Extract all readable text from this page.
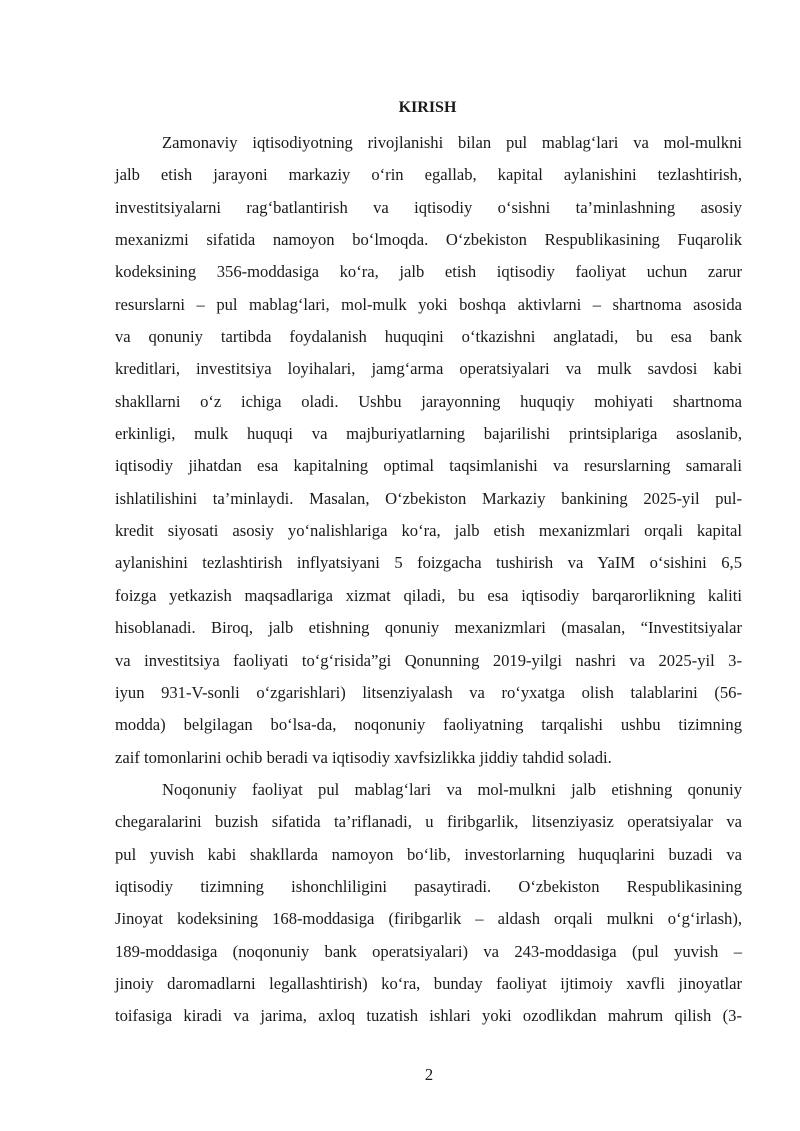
KIRISH
Zamonaviy iqtisodiyotning rivojlanishi bilan pul mablag‘lari va mol-mulkni
jalb etish jarayoni markaziy o‘rin egallab, kapital aylanishini tezlashtirish,
investitsiyalarni rag‘batlantirish va iqtisodiy o‘sishni ta’minlashning asosiy
mexanizmi sifatida namoyon bo‘lmoqda. O‘zbekiston Respublikasining Fuqarolik
kodeksining 356-moddasiga ko‘ra, jalb etish iqtisodiy faoliyat uchun zarur
resurslarni – pul mablag‘lari, mol-mulk yoki boshqa aktivlarni – shartnoma asosida
va qonuniy tartibda foydalanish huquqini o‘tkazishni anglatadi, bu esa bank
kreditlari, investitsiya loyihalari, jamg‘arma operatsiyalari va mulk savdosi kabi
shakllarni o‘z ichiga oladi. Ushbu jarayonning huquqiy mohiyati shartnoma
erkinligi, mulk huquqi va majburiyatlarning bajarilishi printsiplariga asoslanib,
iqtisodiy jihatdan esa kapitalning optimal taqsimlanishi va resurslarning samarali
ishlatilishini ta’minlaydi. Masalan, O‘zbekiston Markaziy bankining 2025-yil pul-
kredit siyosati asosiy yo‘nalishlariga ko‘ra, jalb etish mexanizmlari orqali kapital
aylanishini tezlashtirish inflyatsiyani 5 foizgacha tushirish va YaIM o‘sishini 6,5
foizga yetkazish maqsadlariga xizmat qiladi, bu esa iqtisodiy barqarorlikning kaliti
hisoblanadi. Biroq, jalb etishning qonuniy mexanizmlari (masalan, “Investitsiyalar
va investitsiya faoliyati to‘g‘risida”gi Qonunning 2019-yilgi nashri va 2025-yil 3-
iyun 931-V-sonli o‘zgarishlari) litsenziyalash va ro‘yxatga olish talablarini (56-
modda) belgilagan bo‘lsa-da, noqonuniy faoliyatning tarqalishi ushbu tizimning
zaif tomonlarini ochib beradi va iqtisodiy xavfsizlikka jiddiy tahdid soladi.
Noqonuniy faoliyat pul mablag‘lari va mol-mulkni jalb etishning qonuniy
chegaralarini buzish sifatida ta’riflanadi, u firibgarlik, litsenziyasiz operatsiyalar va
pul yuvish kabi shakllarda namoyon bo‘lib, investorlarning huquqlarini buzadi va
iqtisodiy tizimning ishonchliligini pasaytiradi. O‘zbekiston Respublikasining
Jinoyat kodeksining 168-moddasiga (firibgarlik – aldash orqali mulkni o‘g‘irlash),
189-moddasiga (noqonuniy bank operatsiyalari) va 243-moddasiga (pul yuvish –
jinoiy daromadlarni legallashtirish) ko‘ra, bunday faoliyat ijtimoiy xavfli jinoyatlar
toifasiga kiradi va jarima, axloq tuzatish ishlari yoki ozodlikdan mahrum qilish (3-
2
